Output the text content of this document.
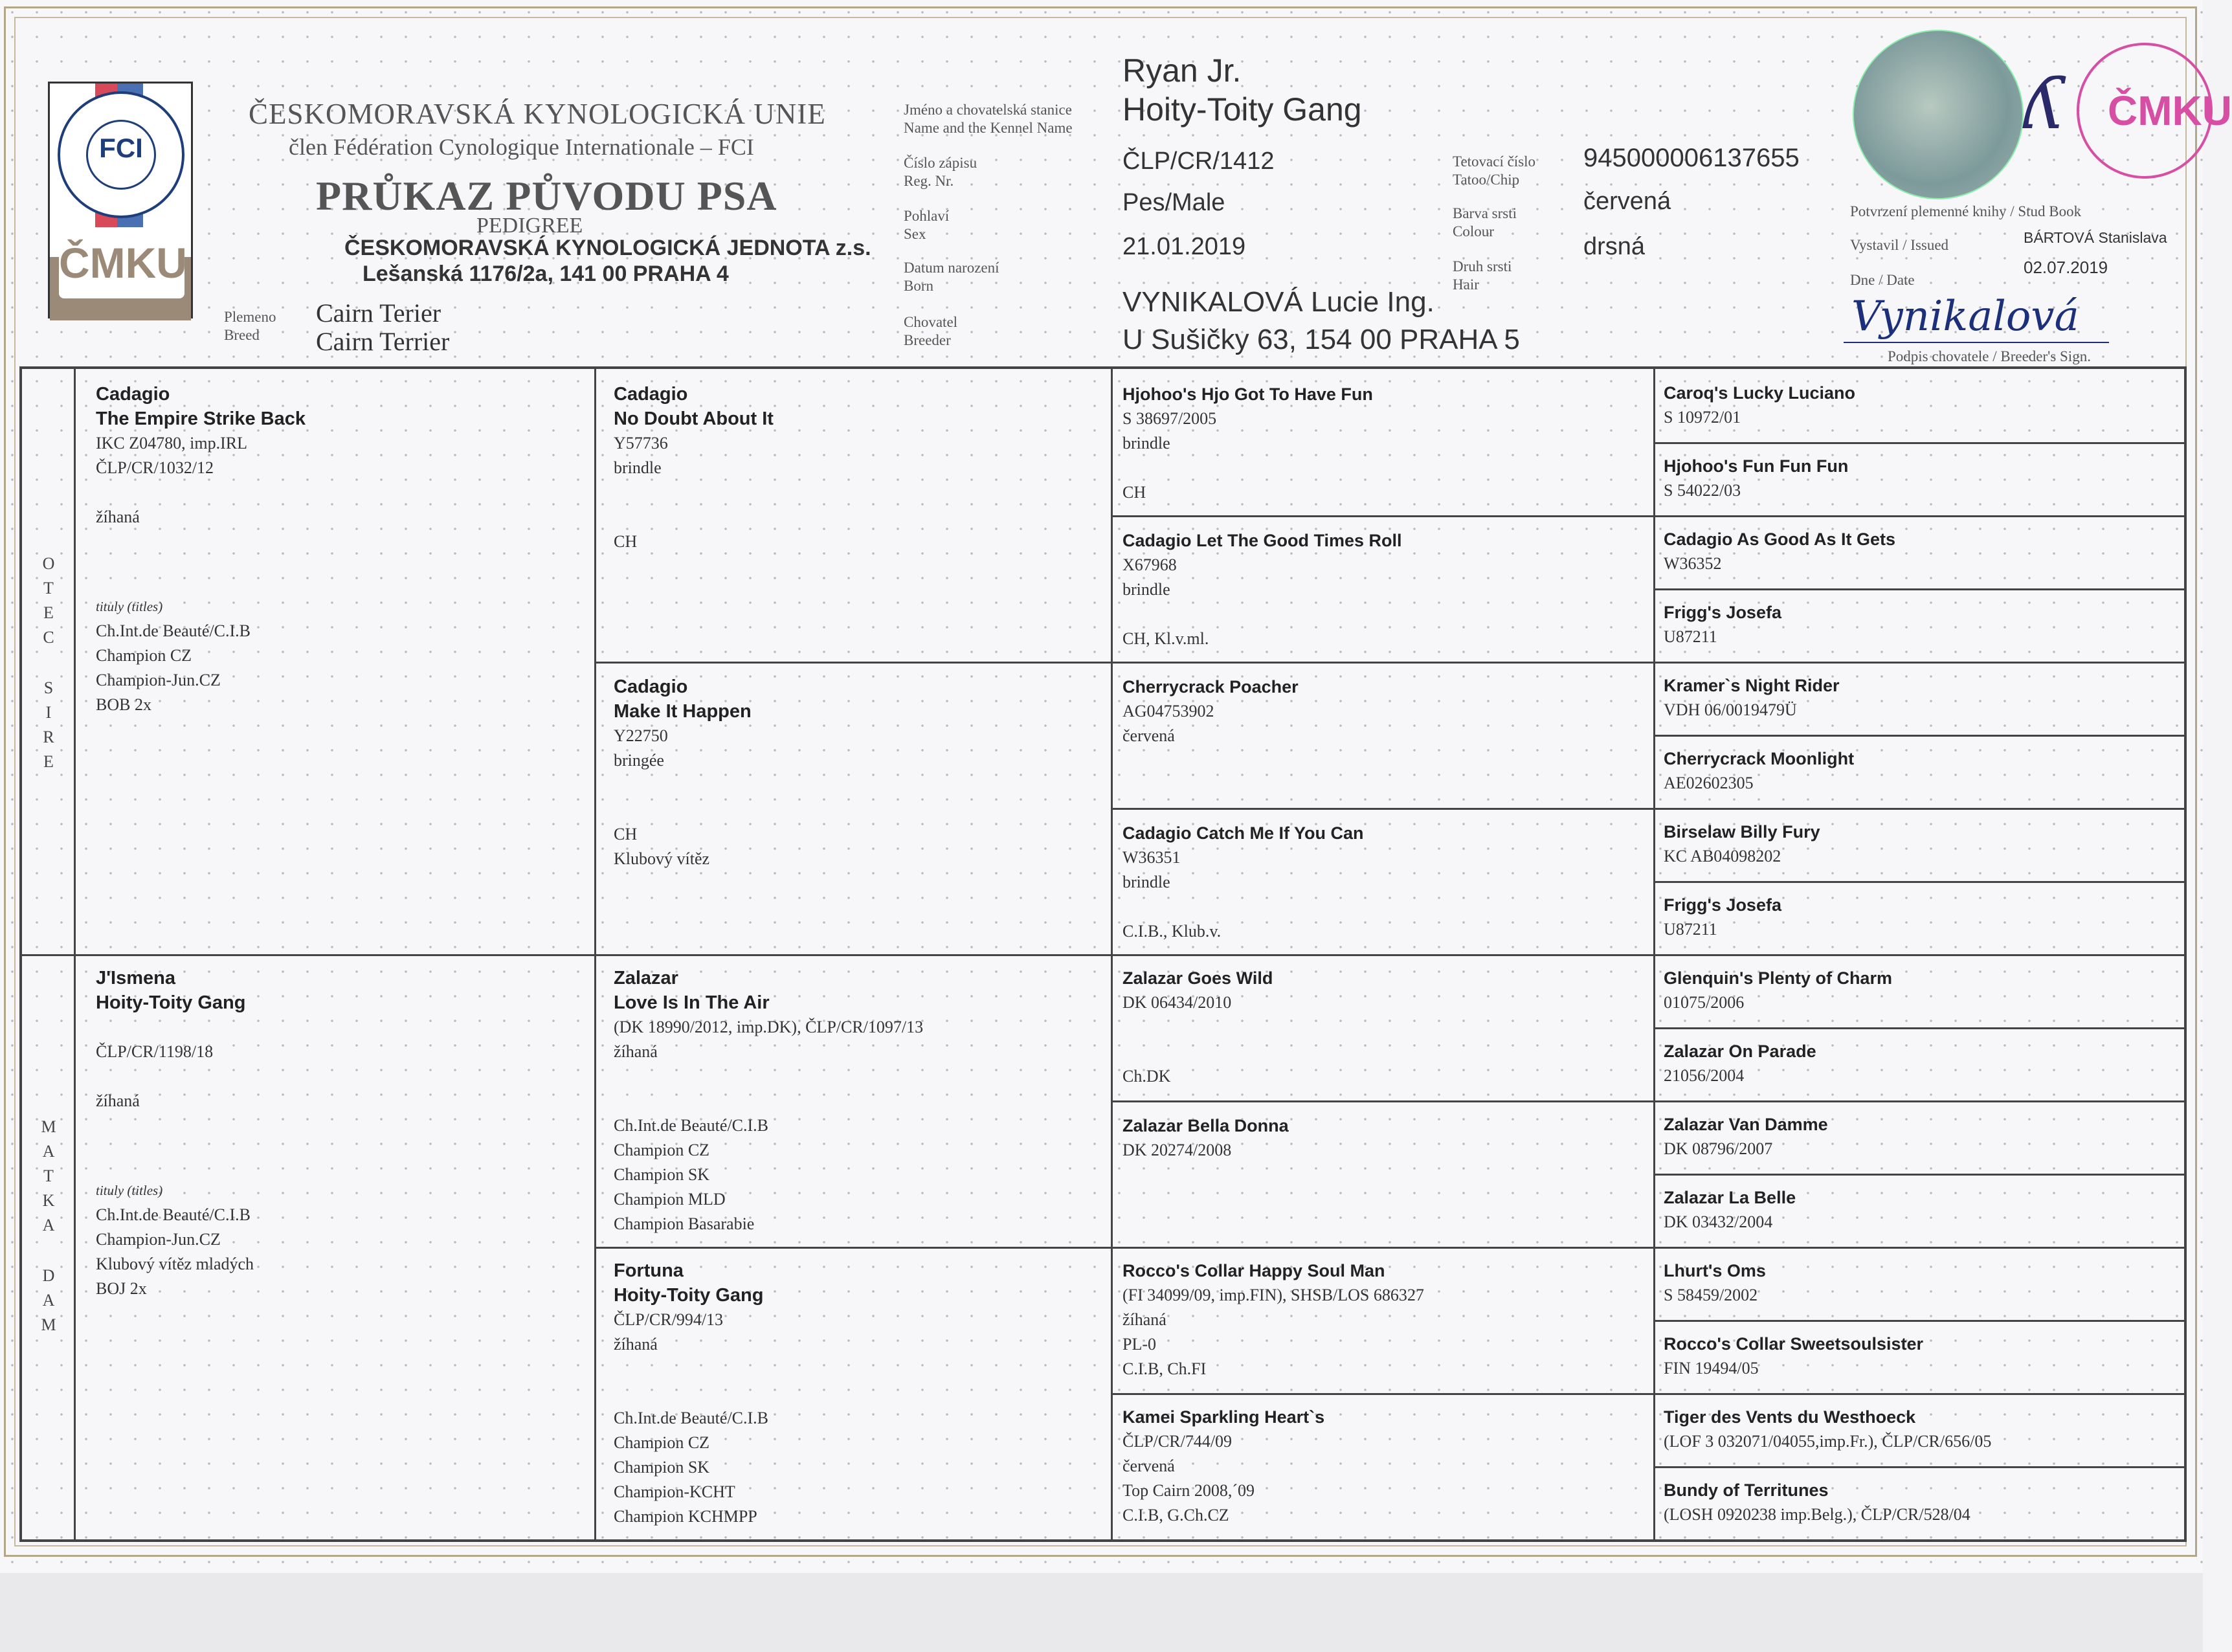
FCI
ČMKU
ČESKOMORAVSKÁ KYNOLOGICKÁ UNIE
člen Fédération Cynologique Internationale – FCI
PRŮKAZ PŮVODU PSA
PEDIGREE
ČESKOMORAVSKÁ KYNOLOGICKÁ JEDNOTA z.s.
Lešanská 1176/2a, 141 00 PRAHA 4
Plemeno
Breed
Cairn Terier
Cairn Terrier
Jméno a chovatelská stanice
Name and the Kennel Name
Číslo zápisu
Reg. Nr.
Pohlaví
Sex
Datum narození
Born
Chovatel
Breeder
Ryan Jr.
Hoity-Toity Gang
ČLP/CR/1412
Pes/Male
21.01.2019
VYNIKALOVÁ Lucie Ing.
U Sušičky 63, 154 00 PRAHA 5
Tetovací číslo
Tatoo/Chip
Barva srsti
Colour
Druh srsti
Hair
945000006137655
červená
drsná
ČMKU
ʎ
Potvrzení plemenné knihy / Stud Book
Vystavil / Issued	BÁRTOVÁ Stanislava
Dne / Date
02.07.2019
Vynikalová
Podpis chovatele / Breeder's Sign.
O
T
E
C
S
I
R
E
M
A
T
K
A
D
A
M
Cadagio
The Empire Strike Back
IKC Z04780, imp.IRL
ČLP/CR/1032/12
žíhaná
tituly (titles)
Ch.Int.de Beauté/C.I.B
Champion CZ
Champion-Jun.CZ
BOB 2x
J'Ismena
Hoity-Toity Gang
ČLP/CR/1198/18
žíhaná
tituly (titles)
Ch.Int.de Beauté/C.I.B
Champion-Jun.CZ
Klubový vítěz mladých
BOJ 2x
Cadagio
No Doubt About It
Y57736
brindle
CH
Cadagio
Make It Happen
Y22750
bringée
CH
Klubový vítěz
Zalazar
Love Is In The Air
(DK 18990/2012, imp.DK), ČLP/CR/1097/13
žíhaná
Ch.Int.de Beauté/C.I.B
Champion CZ
Champion SK
Champion MLD
Champion Basarabie
Fortuna
Hoity-Toity Gang
ČLP/CR/994/13
žíhaná
Ch.Int.de Beauté/C.I.B
Champion CZ
Champion SK
Champion-KCHT
Champion KCHMPP
Hjohoo's Hjo Got To Have Fun
S 38697/2005
brindle
CH
Cadagio Let The Good Times Roll
X67968
brindle
CH, Kl.v.ml.
Cherrycrack Poacher
AG04753902
červená
Cadagio Catch Me If You Can
W36351
brindle
C.I.B., Klub.v.
Zalazar Goes Wild
DK 06434/2010
Ch.DK
Zalazar Bella Donna
DK 20274/2008
Rocco's Collar Happy Soul Man
(FI 34099/09, imp.FIN), SHSB/LOS 686327
žíhaná
PL-0
C.I.B, Ch.FI
Kamei Sparkling Heart`s
ČLP/CR/744/09
červená
Top Cairn 2008,´09
C.I.B, G.Ch.CZ
Caroq's Lucky Luciano
S 10972/01
Hjohoo's Fun Fun Fun
S 54022/03
Cadagio As Good As It Gets
W36352
Frigg's Josefa
U87211
Kramer`s Night Rider
VDH 06/0019479Ü
Cherrycrack Moonlight
AE02602305
Birselaw Billy Fury
KC AB04098202
Frigg's Josefa
U87211
Glenquin's Plenty of Charm
01075/2006
Zalazar On Parade
21056/2004
Zalazar Van Damme
DK 08796/2007
Zalazar La Belle
DK 03432/2004
Lhurt's Oms
S 58459/2002
Rocco's Collar Sweetsoulsister
FIN 19494/05
Tiger des Vents du Westhoeck
(LOF 3 032071/04055,imp.Fr.), ČLP/CR/656/05
Bundy of Territunes
(LOSH 0920238 imp.Belg.), ČLP/CR/528/04
